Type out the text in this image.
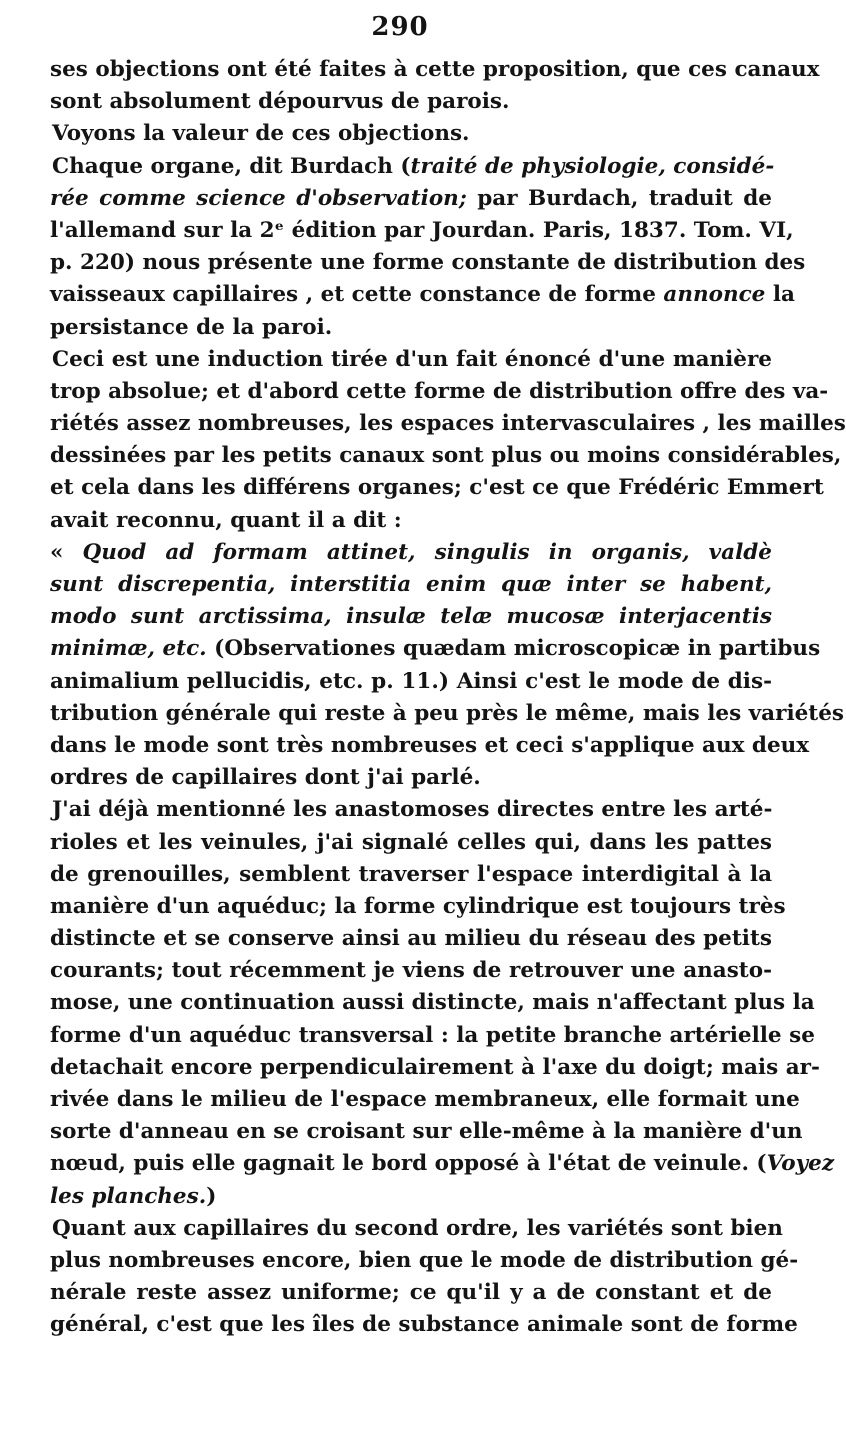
290
ses objections ont été faites à cette proposition, que ces canaux
sont absolument dépourvus de parois.
Voyons la valeur de ces objections.
Chaque organe, dit Burdach (traité de physiologie, considé-
rée comme science d'observation; par Burdach, traduit de
l'allemand sur la 2ᵉ édition par Jourdan. Paris, 1837. Tom. VI,
p. 220) nous présente une forme constante de distribution des
vaisseaux capillaires , et cette constance de forme annonce la
persistance de la paroi.
Ceci est une induction tirée d'un fait énoncé d'une manière
trop absolue; et d'abord cette forme de distribution offre des va-
riétés assez nombreuses, les espaces intervasculaires , les mailles
dessinées par les petits canaux sont plus ou moins considérables,
et cela dans les différens organes; c'est ce que Frédéric Emmert
avait reconnu, quant il a dit :
« Quod ad formam attinet, singulis in organis, valdè
sunt discrepentia, interstitia enim quæ inter se habent,
modo sunt arctissima, insulæ telæ mucosæ interjacentis
minimæ, etc. (Observationes quædam microscopicæ in partibus
animalium pellucidis, etc. p. 11.) Ainsi c'est le mode de dis-
tribution générale qui reste à peu près le même, mais les variétés
dans le mode sont très nombreuses et ceci s'applique aux deux
ordres de capillaires dont j'ai parlé.
J'ai déjà mentionné les anastomoses directes entre les arté-
rioles et les veinules, j'ai signalé celles qui, dans les pattes
de grenouilles, semblent traverser l'espace interdigital à la
manière d'un aquéduc; la forme cylindrique est toujours très
distincte et se conserve ainsi au milieu du réseau des petits
courants; tout récemment je viens de retrouver une anasto-
mose, une continuation aussi distincte, mais n'affectant plus la
forme d'un aquéduc transversal : la petite branche artérielle se
detachait encore perpendiculairement à l'axe du doigt; mais ar-
rivée dans le milieu de l'espace membraneux, elle formait une
sorte d'anneau en se croisant sur elle-même à la manière d'un
nœud, puis elle gagnait le bord opposé à l'état de veinule. (Voyez
les planches.)
Quant aux capillaires du second ordre, les variétés sont bien
plus nombreuses encore, bien que le mode de distribution gé-
nérale reste assez uniforme; ce qu'il y a de constant et de
général, c'est que les îles de substance animale sont de forme
